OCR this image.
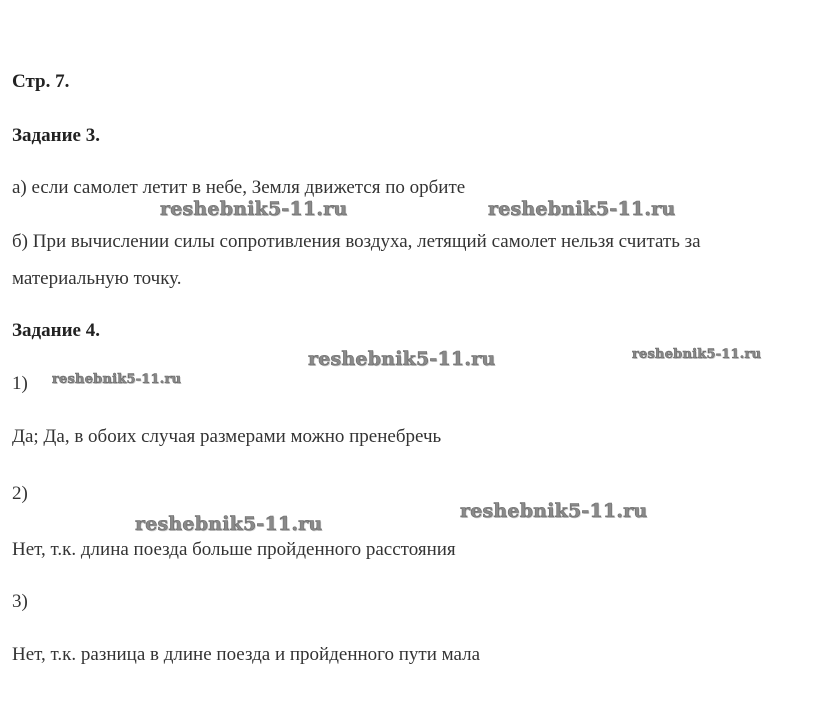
Стр. 7.

Задание 3.

а) если самолет летит в небе, Земля движется по орбите

б) При вычислении силы сопротивления воздуха, летящий самолет нельзя считать за

материальную точку.

Задание 4.

1)

Да; Да, в обоих случая размерами можно пренебречь

2)

Нет, т.к. длина поезда больше пройденного расстояния

3)

Нет, т.к. разница в длине поезда и пройденного пути мала

reshebnik5-11.ru	reshebnik5-11.ru
reshebnik5-11.ru	reshebnik5-11.ru
reshebnik5-11.ru
reshebnik5-11.ru
reshebnik5-11.ru
